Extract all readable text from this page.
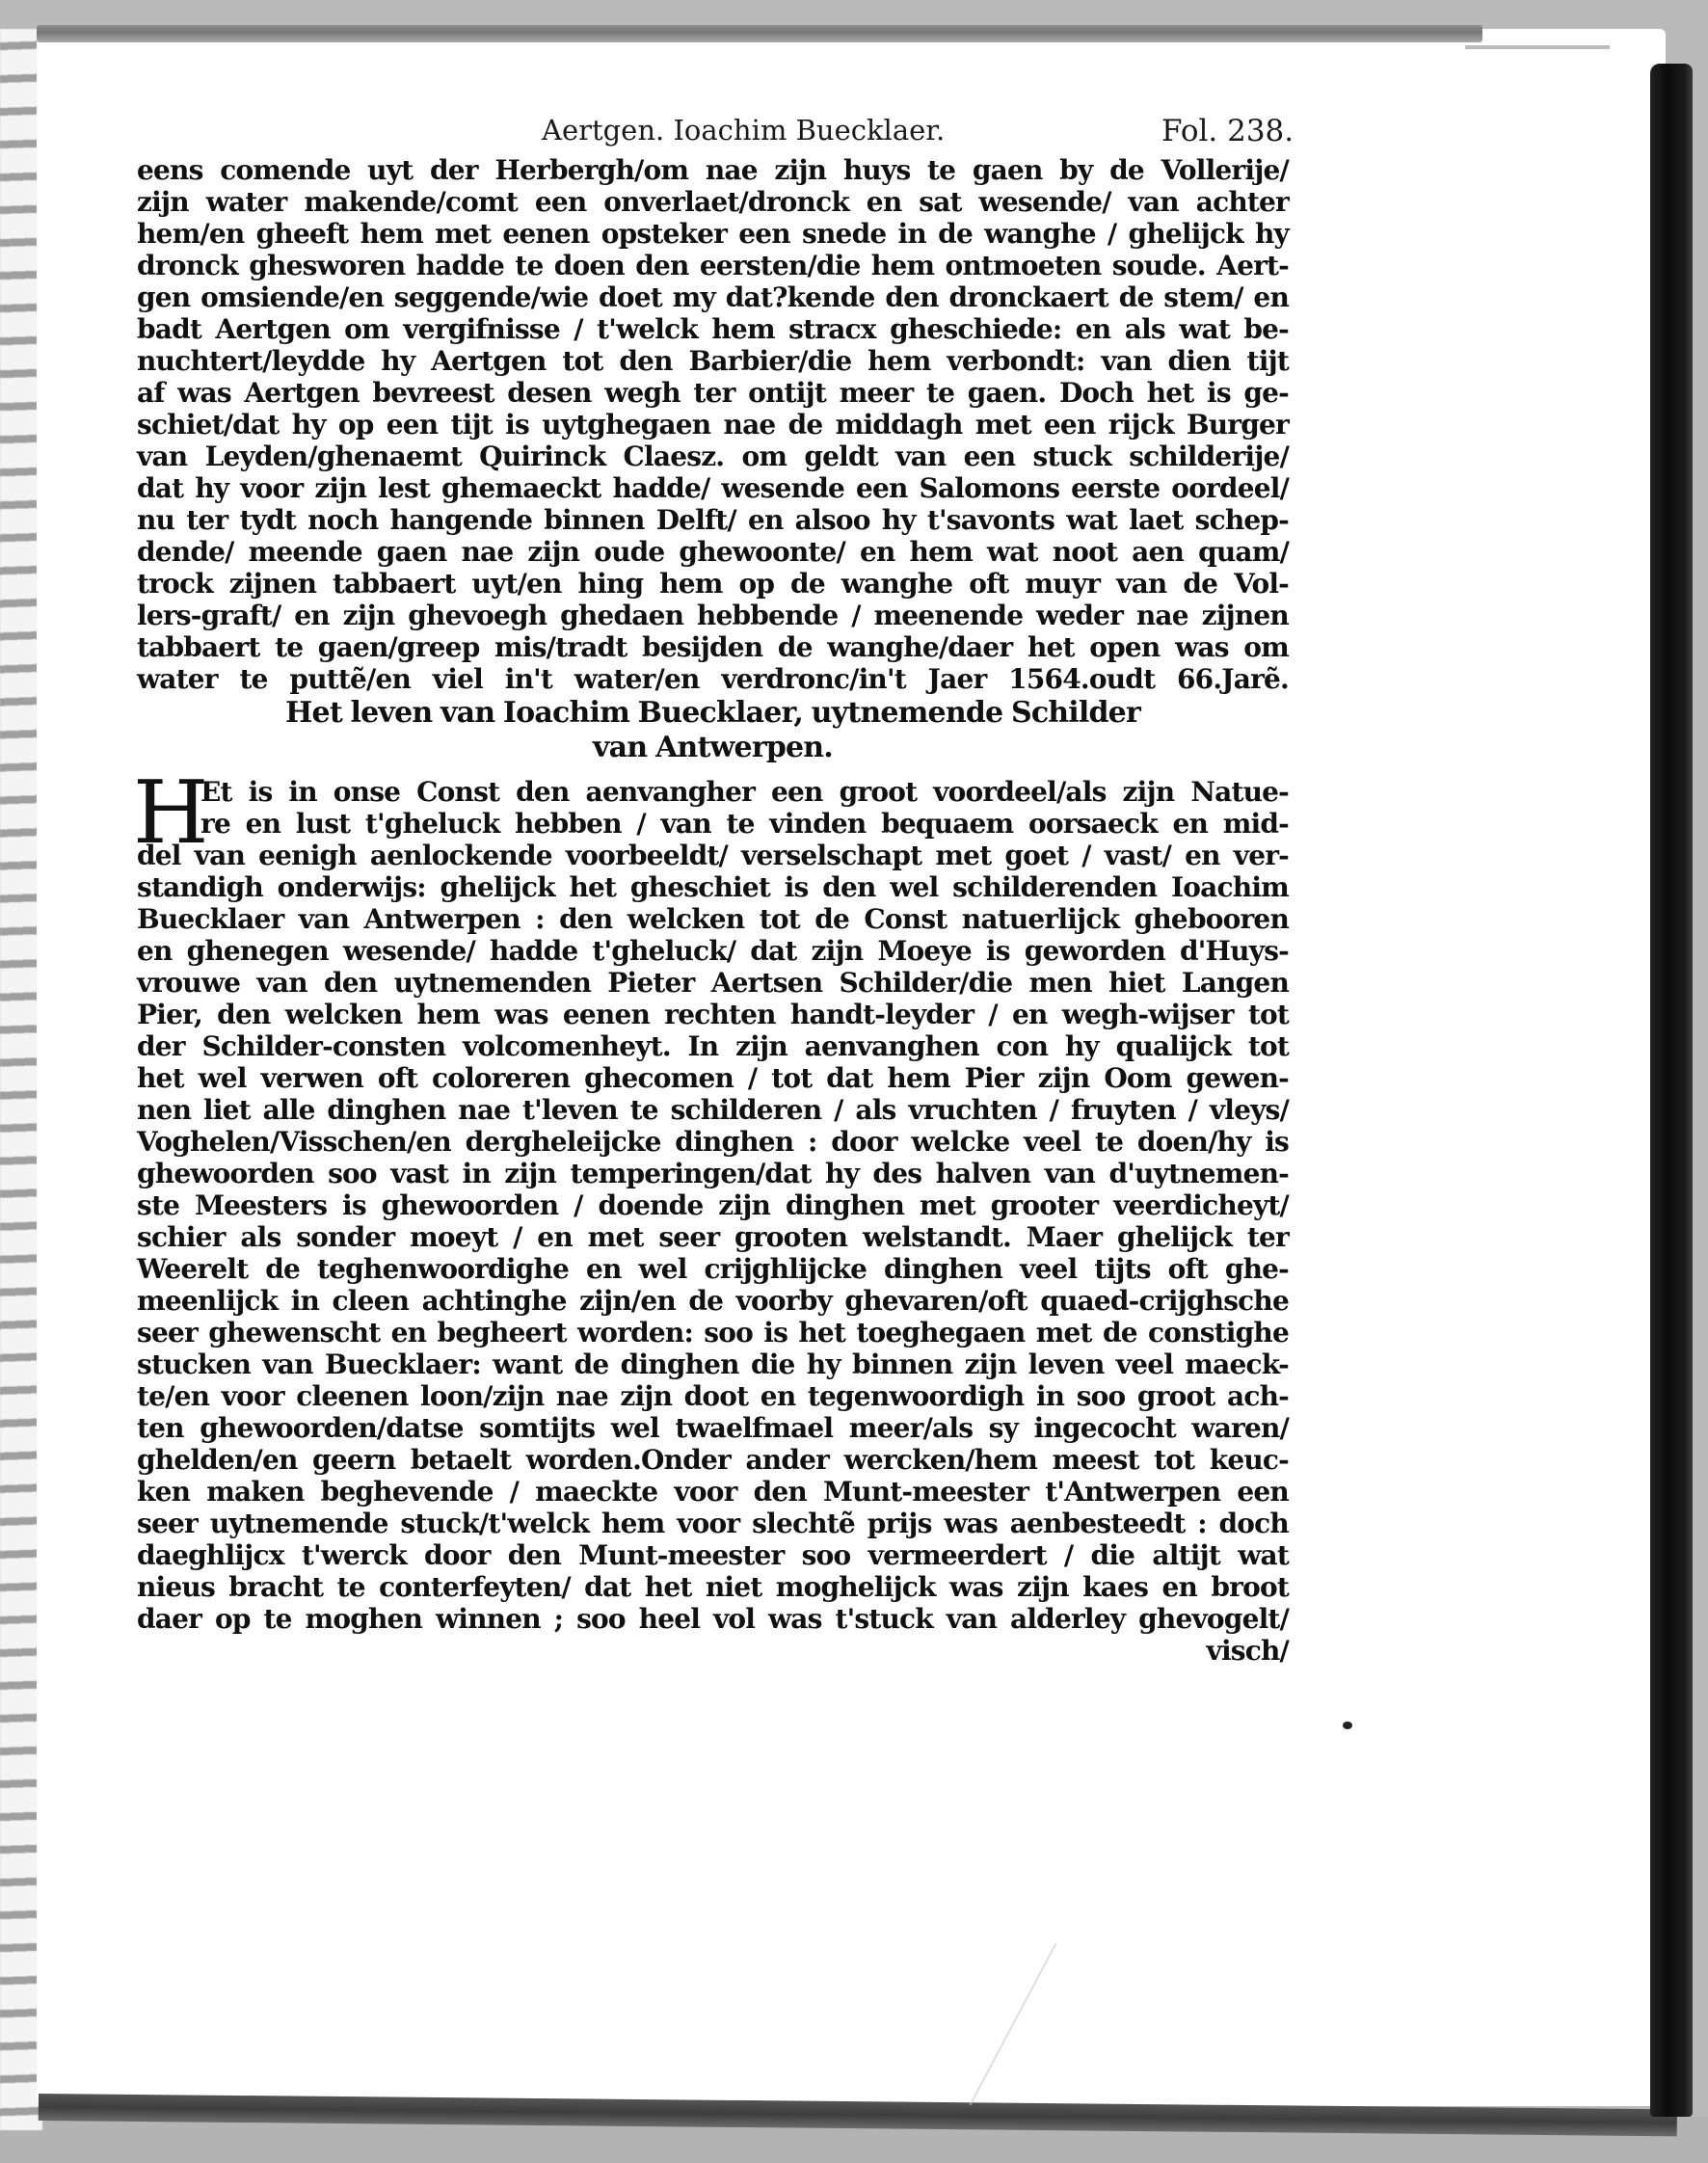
Aertgen. Ioachim Buecklaer.	Fol. 238.
eens comende uyt der Herbergh/om nae zijn huys te gaen by de Vollerije/
zijn water makende/comt een onverlaet/dronck en sat wesende/ van achter
hem/en gheeft hem met eenen opsteker een snede in de wanghe / ghelijck hy
dronck ghesworen hadde te doen den eersten/die hem ontmoeten soude. Aert-
gen omsiende/en seggende/wie doet my dat?kende den dronckaert de stem/ en
badt Aertgen om vergifnisse / t'welck hem stracx gheschiede: en als wat be-
nuchtert/leydde hy Aertgen tot den Barbier/die hem verbondt: van dien tijt
af was Aertgen bevreest desen wegh ter ontijt meer te gaen. Doch het is ge-
schiet/dat hy op een tijt is uytghegaen nae de middagh met een rijck Burger
van Leyden/ghenaemt Quirinck Claesz. om geldt van een stuck schilderije/
dat hy voor zijn lest ghemaeckt hadde/ wesende een Salomons eerste oordeel/
nu ter tydt noch hangende binnen Delft/ en alsoo hy t'savonts wat laet schep-
dende/ meende gaen nae zijn oude ghewoonte/ en hem wat noot aen quam/
trock zijnen tabbaert uyt/en hing hem op de wanghe oft muyr van de Vol-
lers-graft/ en zijn ghevoegh ghedaen hebbende / meenende weder nae zijnen
tabbaert te gaen/greep mis/tradt besijden de wanghe/daer het open was om
water te puttẽ/en viel in't water/en verdronc/in't Jaer 1564.oudt 66.Jarẽ.
Het leven van Ioachim Buecklaer, uytnemende Schilder
van Antwerpen.
H
Et is in onse Const den aenvangher een groot voordeel/als zijn Natue-
re en lust t'gheluck hebben / van te vinden bequaem oorsaeck en mid-
del van eenigh aenlockende voorbeeldt/ verselschapt met goet / vast/ en ver-
standigh onderwijs: ghelijck het gheschiet is den wel schilderenden Ioachim
Buecklaer van Antwerpen : den welcken tot de Const natuerlijck ghebooren
en ghenegen wesende/ hadde t'gheluck/ dat zijn Moeye is geworden d'Huys-
vrouwe van den uytnemenden Pieter Aertsen Schilder/die men hiet Langen
Pier, den welcken hem was eenen rechten handt-leyder / en wegh-wijser tot
der Schilder-consten volcomenheyt. In zijn aenvanghen con hy qualijck tot
het wel verwen oft coloreren ghecomen / tot dat hem Pier zijn Oom gewen-
nen liet alle dinghen nae t'leven te schilderen / als vruchten / fruyten / vleys/
Voghelen/Visschen/en dergheleijcke dinghen : door welcke veel te doen/hy is
ghewoorden soo vast in zijn temperingen/dat hy des halven van d'uytnemen-
ste Meesters is ghewoorden / doende zijn dinghen met grooter veerdicheyt/
schier als sonder moeyt / en met seer grooten welstandt. Maer ghelijck ter
Weerelt de teghenwoordighe en wel crijghlijcke dinghen veel tijts oft ghe-
meenlijck in cleen achtinghe zijn/en de voorby ghevaren/oft quaed-crijghsche
seer ghewenscht en begheert worden: soo is het toeghegaen met de constighe
stucken van Buecklaer: want de dinghen die hy binnen zijn leven veel maeck-
te/en voor cleenen loon/zijn nae zijn doot en tegenwoordigh in soo groot ach-
ten ghewoorden/datse somtijts wel twaelfmael meer/als sy ingecocht waren/
ghelden/en geern betaelt worden.Onder ander wercken/hem meest tot keuc-
ken maken beghevende / maeckte voor den Munt-meester t'Antwerpen een
seer uytnemende stuck/t'welck hem voor slechtẽ prijs was aenbesteedt : doch
daeghlijcx t'werck door den Munt-meester soo vermeerdert / die altijt wat
nieus bracht te conterfeyten/ dat het niet moghelijck was zijn kaes en broot
daer op te moghen winnen ; soo heel vol was t'stuck van alderley ghevogelt/
visch/
